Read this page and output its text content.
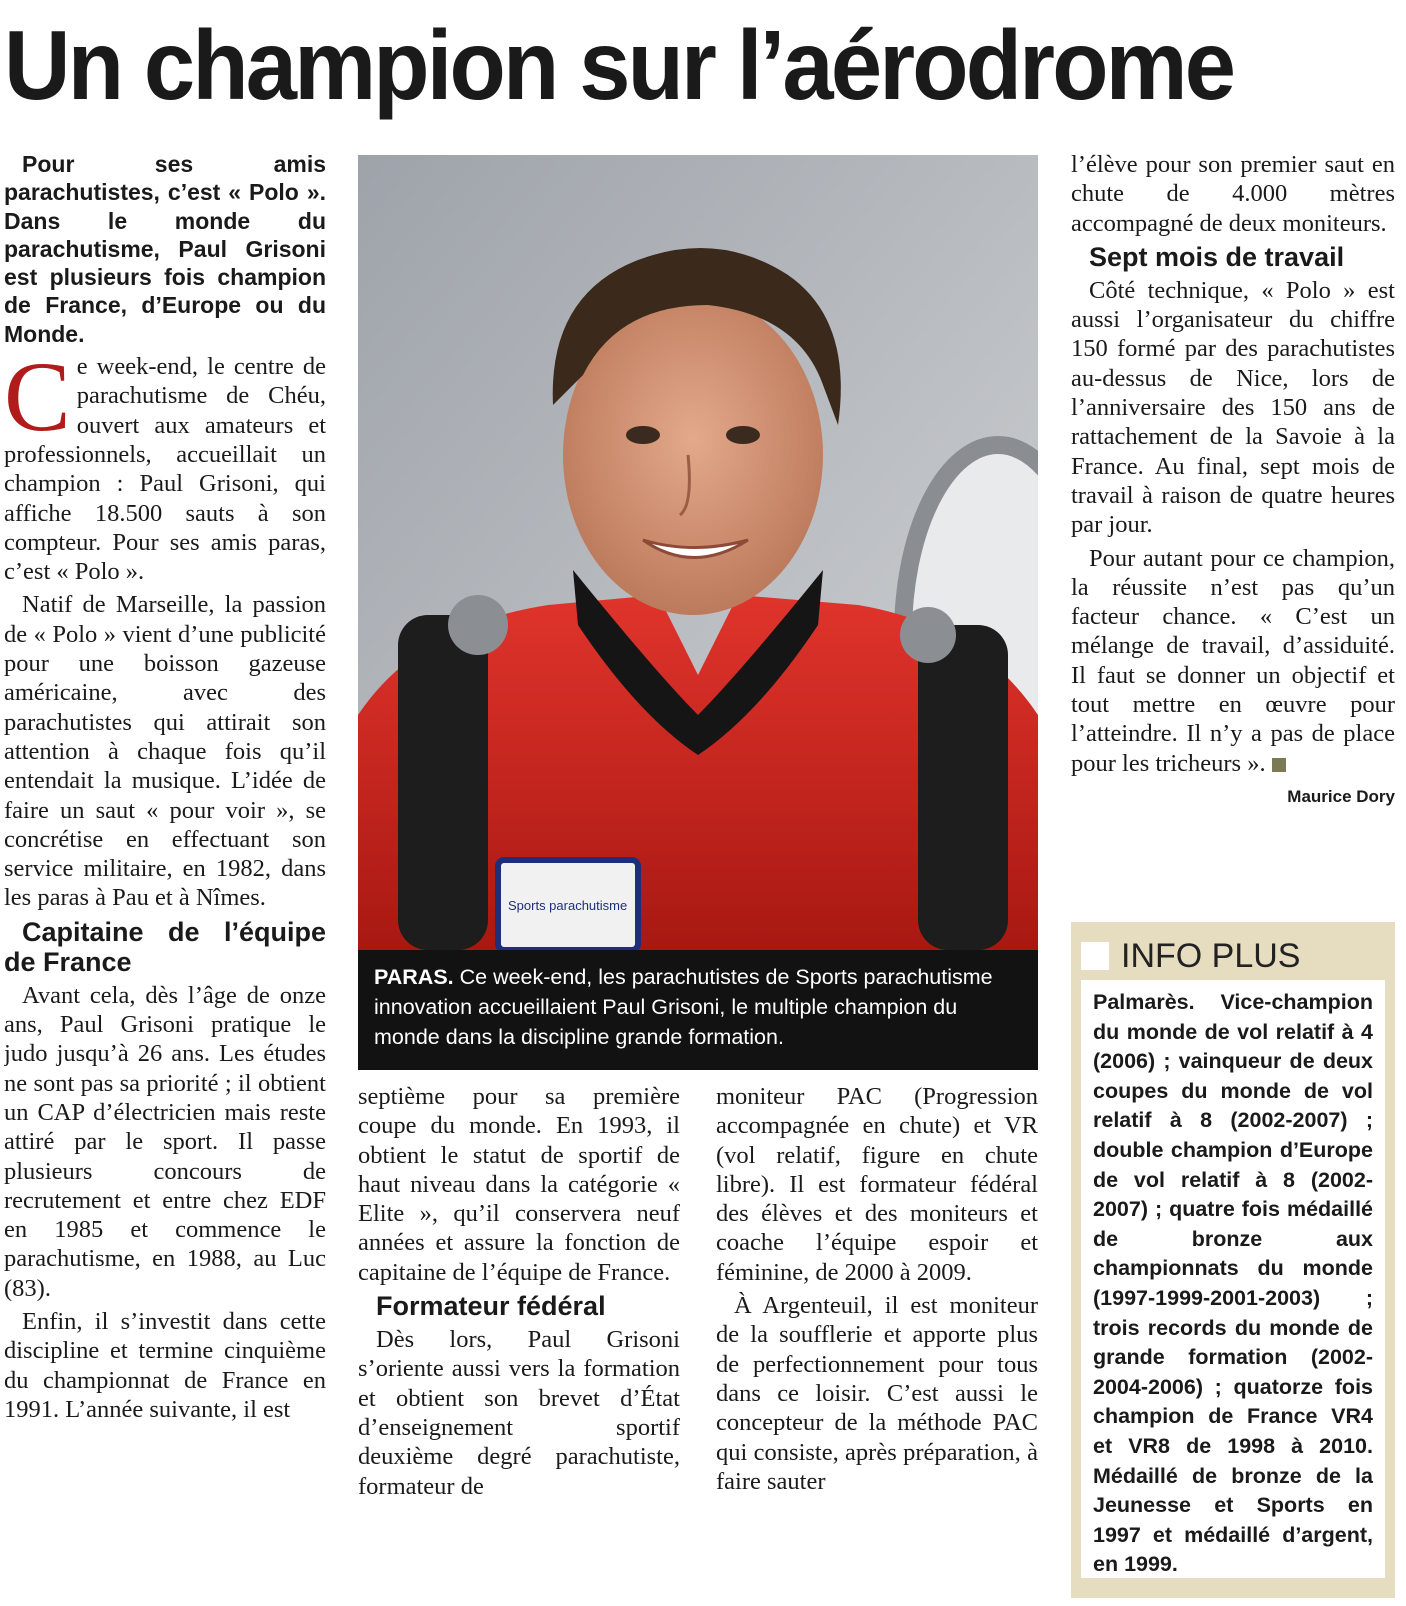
Un champion sur l’aérodrome

Pour ses amis parachutistes, c’est « Polo ». Dans le monde du parachutisme, Paul Grisoni est plusieurs fois champion de France, d’Europe ou du Monde.

Ce week-end, le centre de parachutisme de Chéu, ouvert aux amateurs et professionnels, accueillait un champion : Paul Grisoni, qui affiche 18.500 sauts à son compteur. Pour ses amis paras, c’est « Polo ».

Natif de Marseille, la passion de « Polo » vient d’une publicité pour une boisson gazeuse américaine, avec des parachutistes qui attirait son attention à chaque fois qu’il entendait la musique. L’idée de faire un saut « pour voir », se concrétise en effectuant son service militaire, en 1982, dans les paras à Pau et à Nîmes.

Capitaine de l’équipe de France

Avant cela, dès l’âge de onze ans, Paul Grisoni pratique le judo jusqu’à 26 ans. Les études ne sont pas sa priorité ; il obtient un CAP d’électricien mais reste attiré par le sport. Il passe plusieurs concours de recrutement et entre chez EDF en 1985 et commence le parachutisme, en 1988, au Luc (83).

Enfin, il s’investit dans cette discipline et termine cinquième du championnat de France en 1991. L’année suivante, il est

Sports parachutisme
PARAS. Ce week-end, les parachutistes de Sports parachutisme innovation accueillaient Paul Grisoni, le multiple champion du monde dans la discipline grande formation.

septième pour sa première coupe du monde. En 1993, il obtient le statut de sportif de haut niveau dans la catégorie « Elite », qu’il conservera neuf années et assure la fonction de capitaine de l’équipe de France.

Formateur fédéral

Dès lors, Paul Grisoni s’oriente aussi vers la formation et obtient son brevet d’État d’enseignement sportif deuxième degré parachutiste, formateur de

moniteur PAC (Progression accompagnée en chute) et VR (vol relatif, figure en chute libre). Il est formateur fédéral des élèves et des moniteurs et coache l’équipe espoir et féminine, de 2000 à 2009.

À Argenteuil, il est moniteur de la soufflerie et apporte plus de perfectionnement pour tous dans ce loisir. C’est aussi le concepteur de la méthode PAC qui consiste, après préparation, à faire sauter

l’élève pour son premier saut en chute de 4.000 mètres accompagné de deux moniteurs.

Sept mois de travail

Côté technique, « Polo » est aussi l’organisateur du chiffre 150 formé par des parachutistes au-dessus de Nice, lors de l’anniversaire des 150 ans de rattachement de la Savoie à la France. Au final, sept mois de travail à raison de quatre heures par jour.

Pour autant pour ce champion, la réussite n’est pas qu’un facteur chance. « C’est un mélange de travail, d’assiduité. Il faut se donner un objectif et tout mettre en œuvre pour l’atteindre. Il n’y a pas de place pour les tricheurs ».

Maurice Dory

INFO PLUS
Palmarès. Vice-champion du monde de vol relatif à 4 (2006) ; vainqueur de deux coupes du monde de vol relatif à 8 (2002-2007) ; double champion d’Europe de vol relatif à 8 (2002-2007) ; quatre fois médaillé de bronze aux championnats du monde (1997-1999-2001-2003) ; trois records du monde de grande formation (2002-2004-2006) ; quatorze fois champion de France VR4 et VR8 de 1998 à 2010. Médaillé de bronze de la Jeunesse et Sports en 1997 et médaillé d’argent, en 1999.
